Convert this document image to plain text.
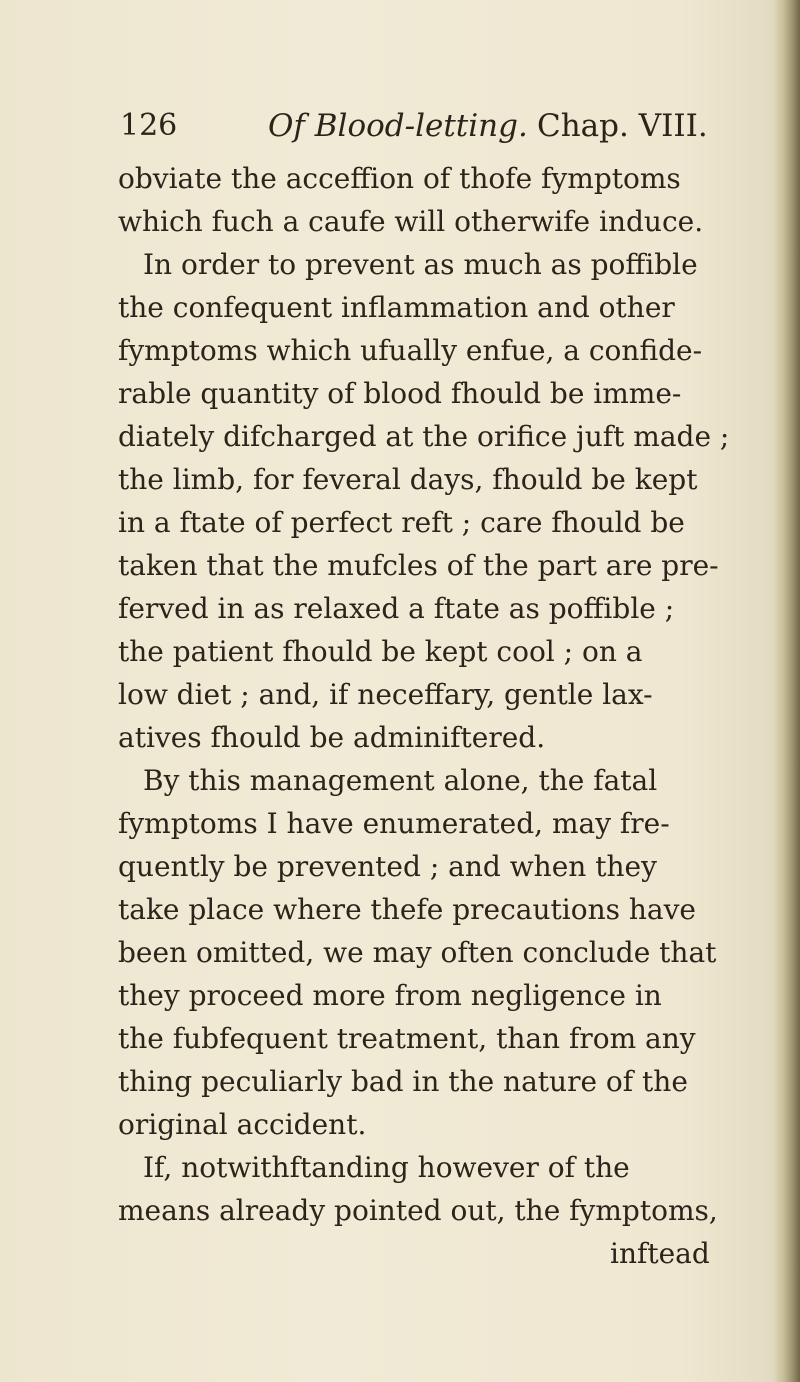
126	Of Blood-letting. Chap. VIII.
obviate the acceffion of thofe fymptoms
which fuch a caufe will otherwife induce.
In order to prevent as much as poffible
the confequent inflammation and other
fymptoms which ufually enfue, a confide-
rable quantity of blood fhould be imme-
diately difcharged at the orifice juft made ;
the limb, for feveral days, fhould be kept
in a ftate of perfect reft ; care fhould be
taken that the mufcles of the part are pre-
ferved in as relaxed a ftate as poffible ;
the patient fhould be kept cool ; on a
low diet ; and, if neceffary, gentle lax-
atives fhould be adminiftered.
By this management alone, the fatal
fymptoms I have enumerated, may fre-
quently be prevented ; and when they
take place where thefe precautions have
been omitted, we may often conclude that
they proceed more from negligence in
the fubfequent treatment, than from any
thing peculiarly bad in the nature of the
original accident.
If, notwithftanding however of the
means already pointed out, the fymptoms,
inftead
